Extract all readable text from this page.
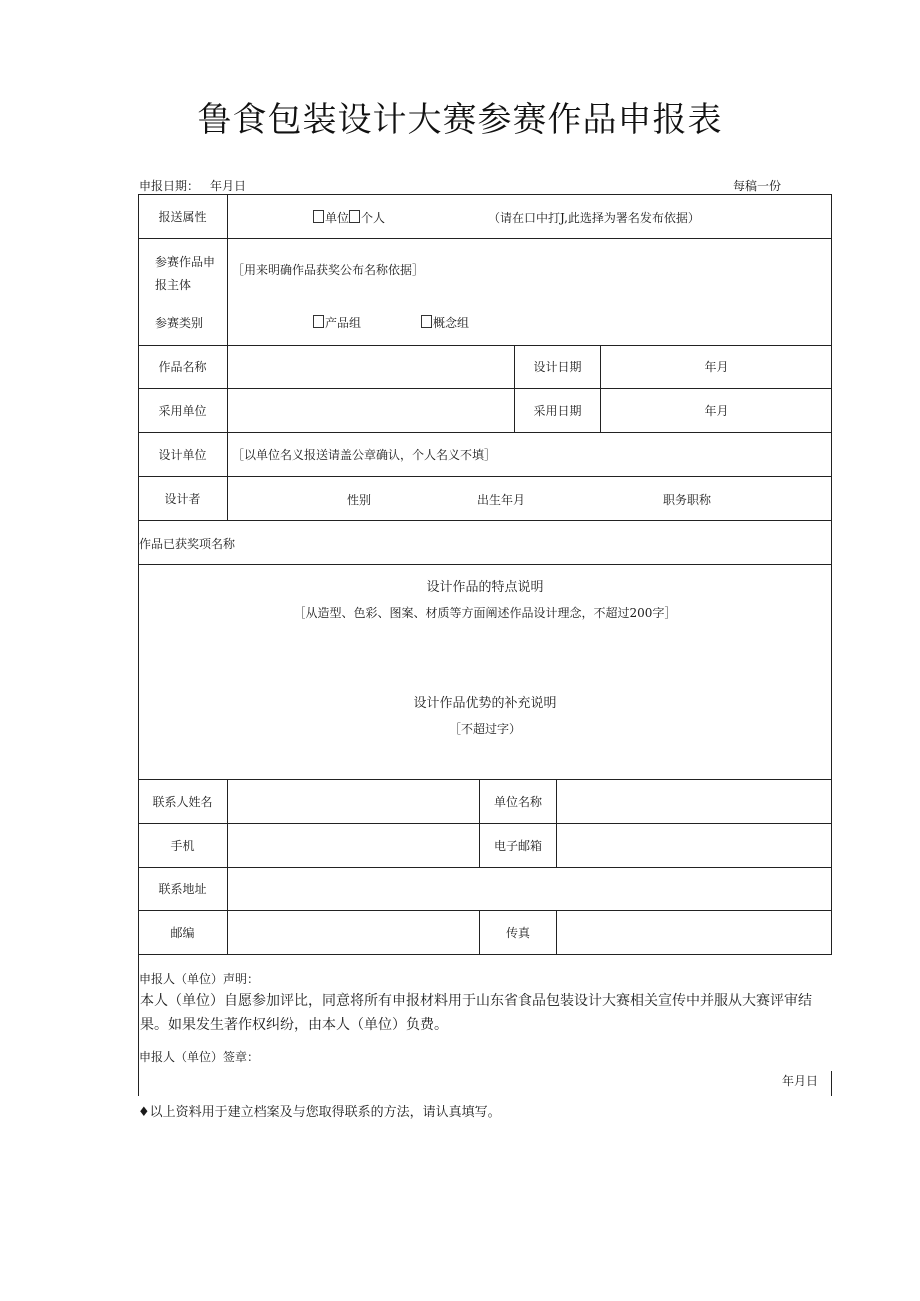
鲁食包装设计大赛参赛作品申报表
申报日期： 年月日	每稿一份
报送属性	单位 个人	（请在口中打J,此选择为署名发布依据）
参赛作品申
报主体
［用来明确作品获奖公布名称依据］
参赛类别	产品组	概念组
作品名称	设计日期	年月
采用单位	采用日期	年月
设计单位	［以单位名义报送请盖公章确认，个人名义不填］
设计者	性别	出生年月	职务职称
作品已获奖项名称
设计作品的特点说明
［从造型、色彩、图案、材质等方面阐述作品设计理念，不超过200字］
设计作品优势的补充说明
［不超过字）
联系人姓名	单位名称
手机	电子邮箱
联系地址
邮编	传真
申报人（单位）声明：
本人（单位）自愿参加评比，同意将所有申报材料用于山东省食品包装设计大赛相关宣传中并服从大赛评审结
果。如果发生著作权纠纷，由本人（单位）负费。
申报人（单位）签章：
年月日
♦以上资料用于建立档案及与您取得联系的方法，请认真填写。
